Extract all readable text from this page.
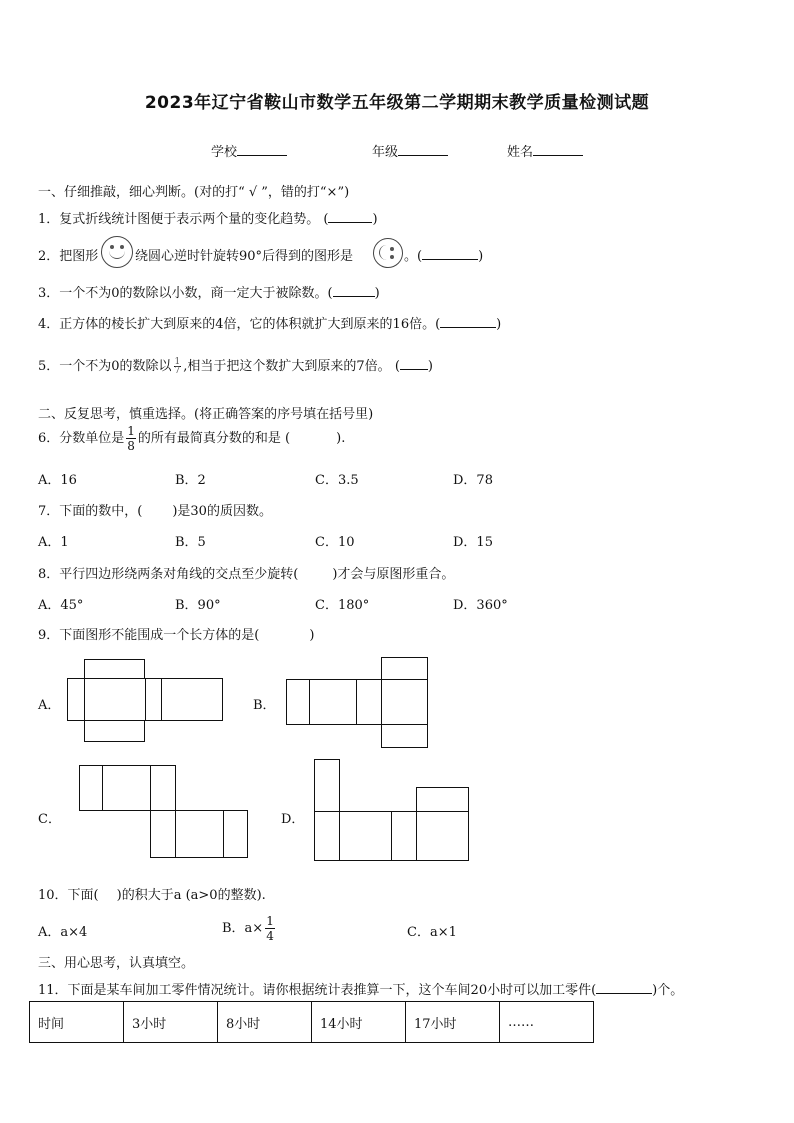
2023年辽宁省鞍山市数学五年级第二学期期末教学质量检测试题
学校	年级	姓名
一、仔细推敲，细心判断。(对的打“ √ ”，错的打“×”)
1．复式折线统计图便于表示两个量的变化趋势。 (	)
2．把图形	绕圆心逆时针旋转90°后得到的图形是	。(	)
3．一个不为0的数除以小数，商一定大于被除数。(	)
4．正方体的棱长扩大到原来的4倍，它的体积就扩大到原来的16倍。(	)
5．一个不为0的数除以 $\frac{1}{7}$ ,相当于把这个数扩大到原来的7倍。 ( )
二、反复思考，慎重选择。(将正确答案的序号填在括号里)
6．分数单位是 $\frac{1}{8}$ 的所有最简真分数的和是 (	).
A．16	B．2	C．3.5	D．78
7．下面的数中，( )是30的质因数。
A．1	B．5	C．10	D．15
8．平行四边形绕两条对角线的交点至少旋转(	)才会与原图形重合。
A．45°	B．90°	C．180°	D．360°
9．下面图形不能围成一个长方体的是(	)
A．	B．
C．	D．
10．下面( )的积大于a (a>0的整数).
A．a×4	B．$a\times \frac{1}{4}$	C．a×1
三、用心思考，认真填空。
11．下面是某车间加工零件情况统计。请你根据统计表推算一下，这个车间20小时可以加工零件(	)个。
时间	3小时	8小时	14小时	17小时	……
